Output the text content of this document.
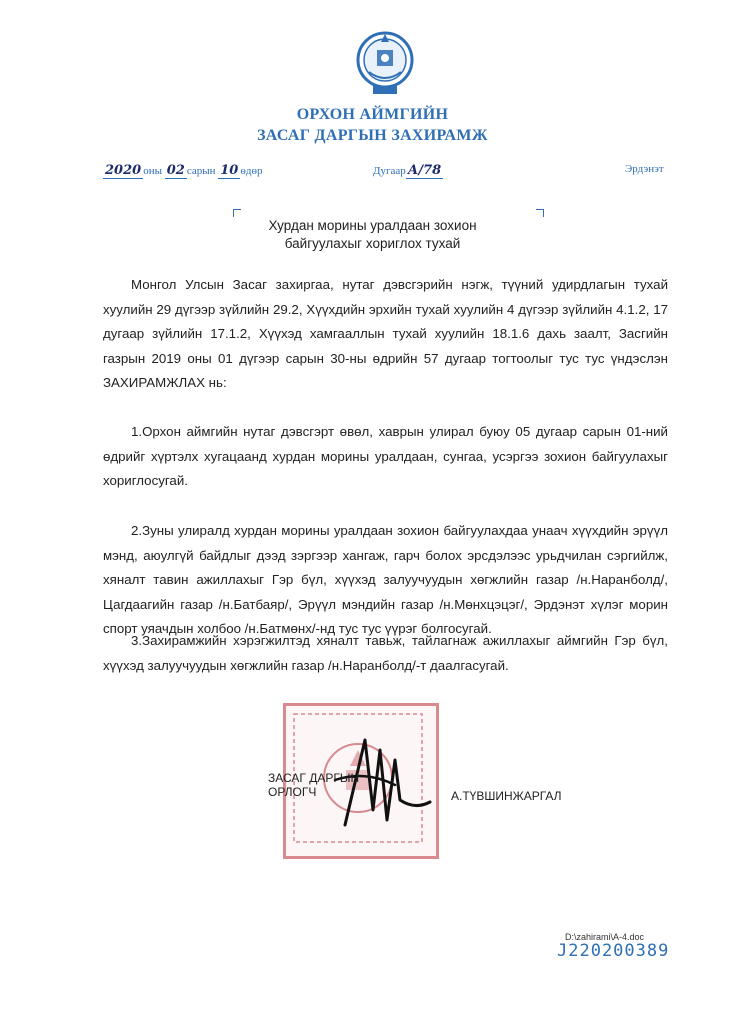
ОРХОН АЙМГИЙН
ЗАСАГ ДАРГЫН ЗАХИРАМЖ
2020 оны 02 сарын 10 өдөр	Дугаар А/78	Эрдэнэт
Хурдан морины уралдаан зохион
байгуулахыг хориглох тухай

Монгол Улсын Засаг захиргаа, нутаг дэвсгэрийн нэгж, түүний удирдлагын тухай хуулийн 29 дүгээр зүйлийн 29.2, Хүүхдийн эрхийн тухай хуулийн 4 дүгээр зүйлийн 4.1.2, 17 дугаар зүйлийн 17.1.2, Хүүхэд хамгааллын тухай хуулийн 18.1.6 дахь заалт, Засгийн газрын 2019 оны 01 дүгээр сарын 30-ны өдрийн 57 дугаар тогтоолыг тус тус үндэслэн ЗАХИРАМЖЛАХ нь:

1.Орхон аймгийн нутаг дэвсгэрт өвөл, хаврын улирал буюу 05 дугаар сарын 01-ний өдрийг хүртэлх хугацаанд хурдан морины уралдаан, сунгаа, усэргээ зохион байгуулахыг хориглосугай.

2.Зуны улиралд хурдан морины уралдаан зохион байгуулахдаа унаач хүүхдийн эрүүл мэнд, аюулгүй байдлыг дээд зэргээр хангаж, гарч болох эрсдэлээс урьдчилан сэргийлж, хяналт тавин ажиллахыг Гэр бүл, хүүхэд залуучуудын хөгжлийн газар /н.Наранболд/, Цагдаагийн газар /н.Батбаяр/, Эрүүл мэндийн газар /н.Мөнхцэцэг/, Эрдэнэт хүлэг морин спорт уяачдын холбоо /н.Батмөнх/-нд тус тус үүрэг болгосугай.

3.Захирамжийн хэрэгжилтэд хяналт тавьж, тайлагнаж ажиллахыг аймгийн Гэр бүл, хүүхэд залуучуудын хөгжлийн газар /н.Наранболд/-т даалгасугай.

ЗАСАГ ДАРГЫН
ОРЛОГЧ	А.ТҮВШИНЖАРГАЛ
D:\zahirami\A-4.doc
J220200389
